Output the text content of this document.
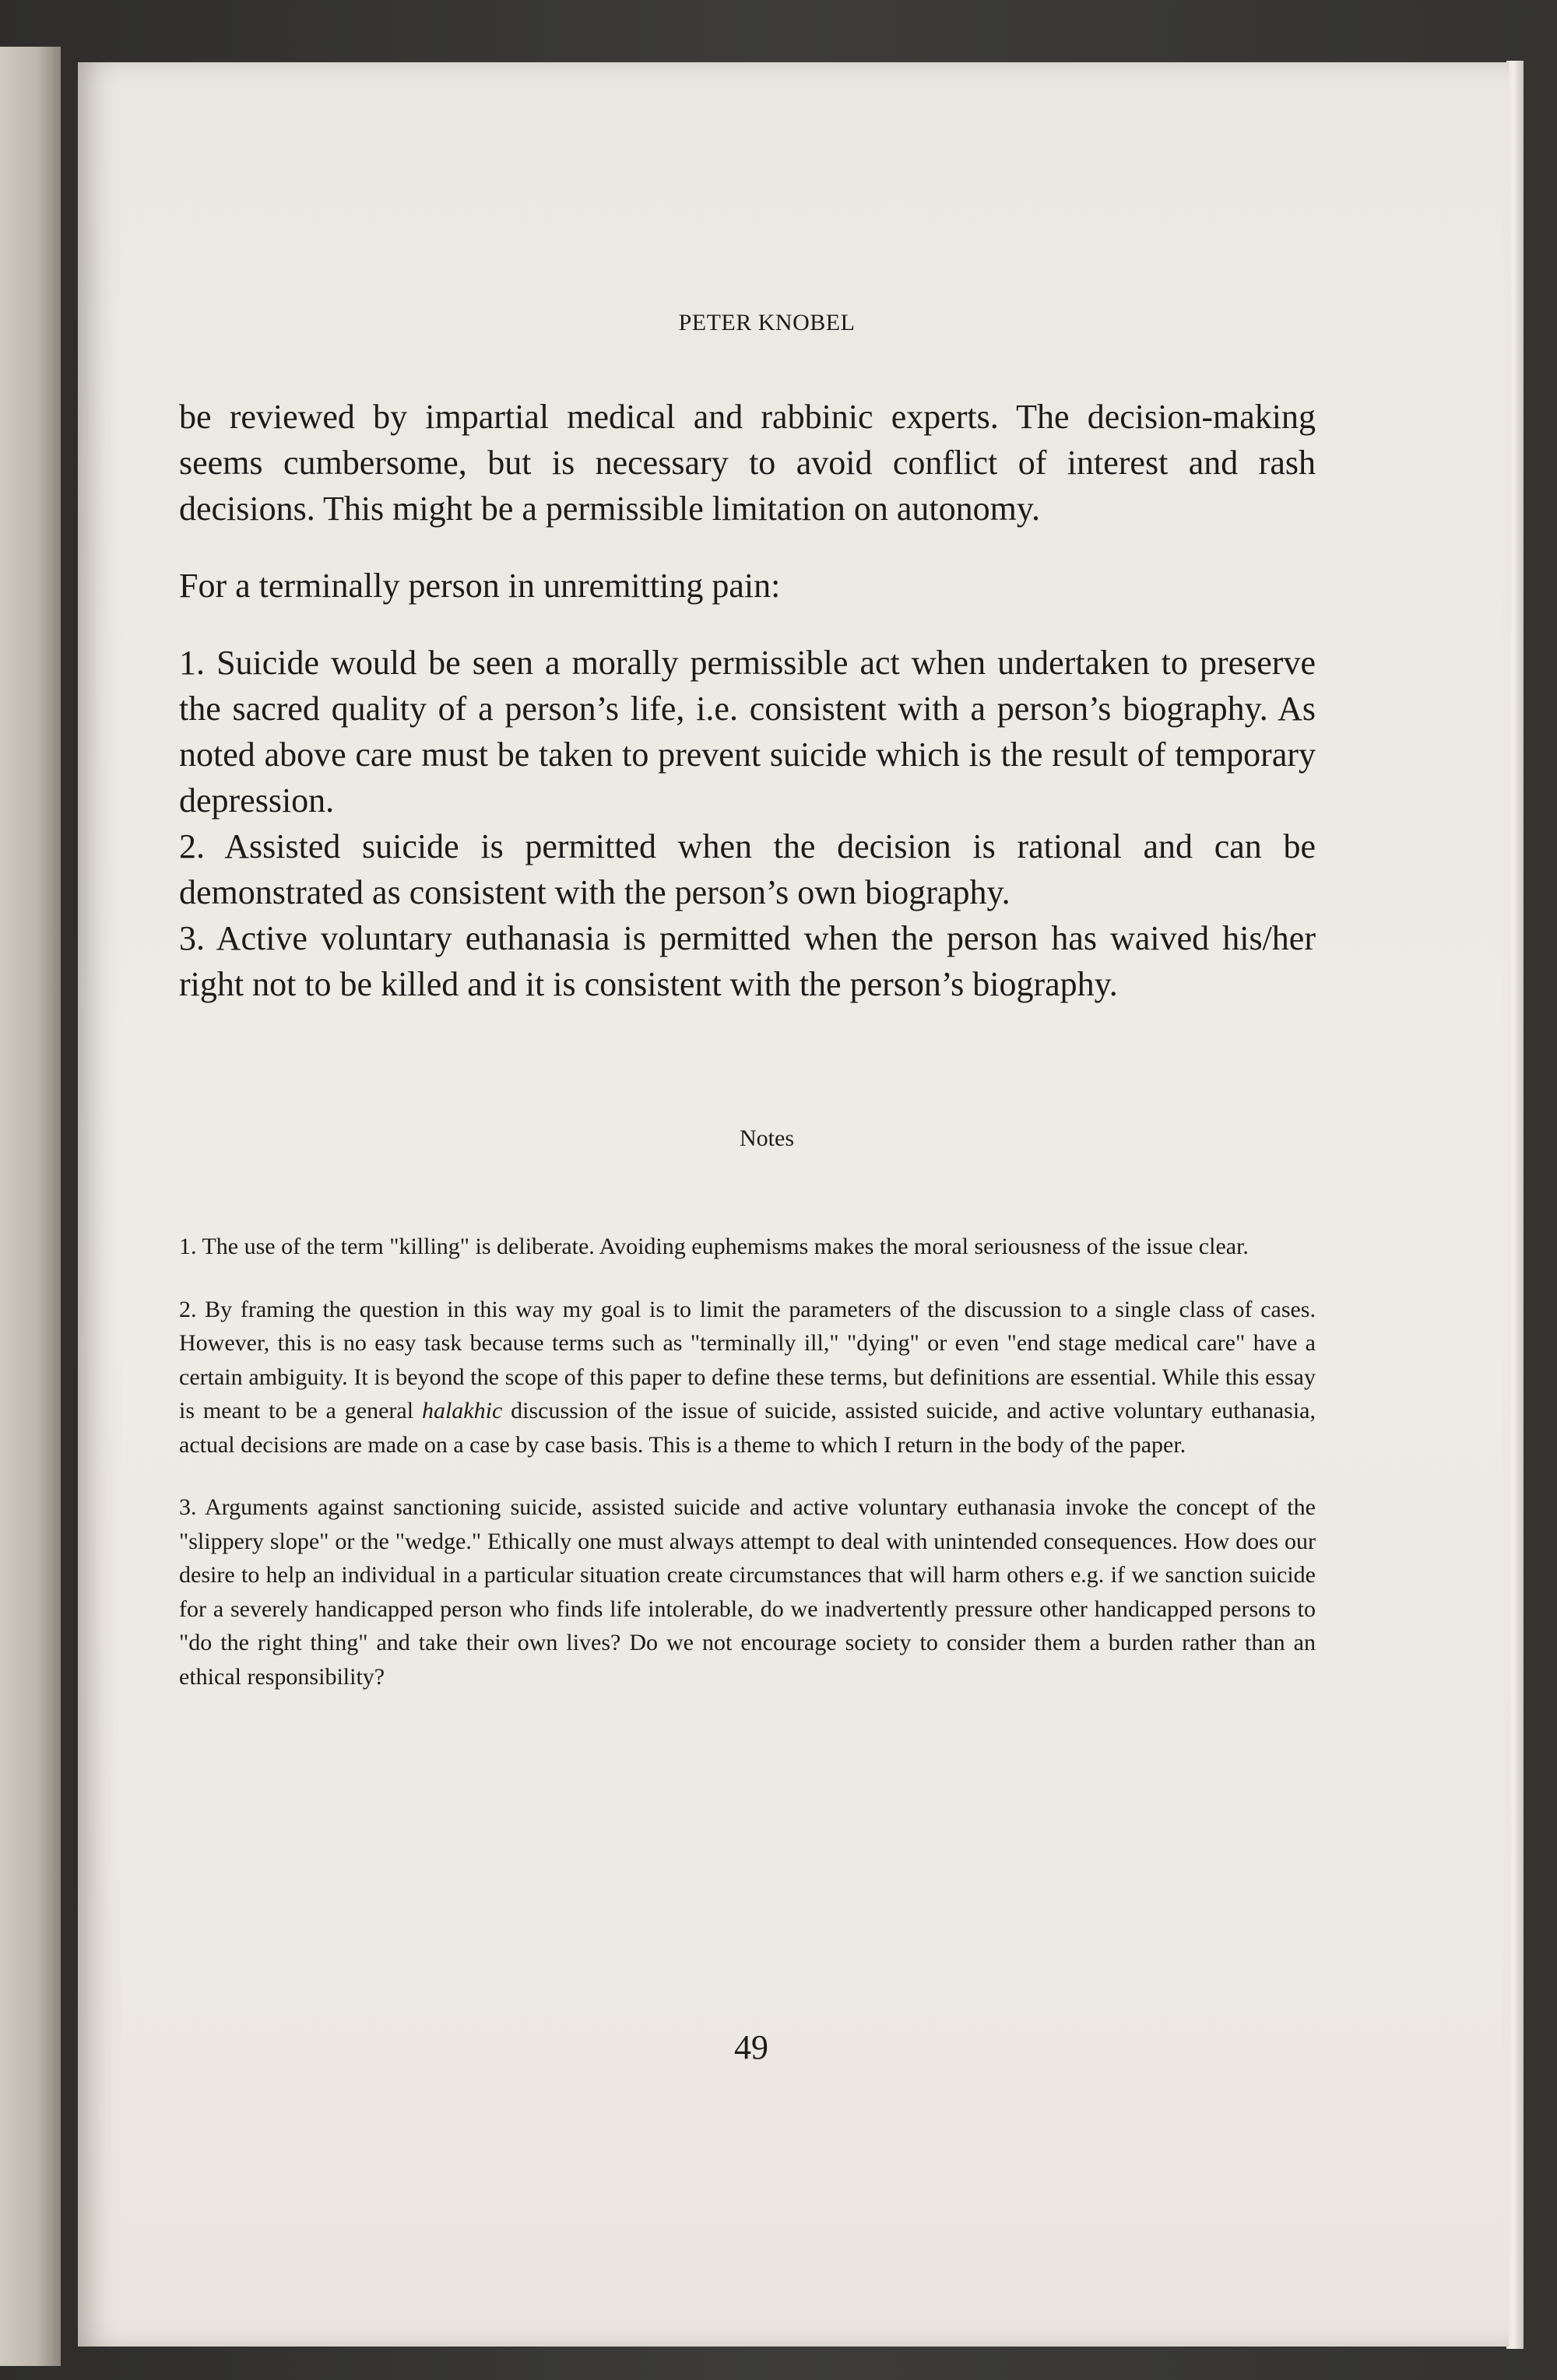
PETER KNOBEL

be reviewed by impartial medical and rabbinic experts. The decision-making seems cumbersome, but is necessary to avoid conflict of interest and rash decisions. This might be a permissible limitation on autonomy.

For a terminally person in unremitting pain:

1. Suicide would be seen a morally permissible act when undertaken to preserve the sacred quality of a person’s life, i.e. consistent with a person’s biography. As noted above care must be taken to prevent suicide which is the result of temporary depression.

2. Assisted suicide is permitted when the decision is rational and can be demonstrated as consistent with the person’s own biography.

3. Active voluntary euthanasia is permitted when the person has waived his/her right not to be killed and it is consistent with the person’s biography.

Notes

1. The use of the term "killing" is deliberate. Avoiding euphemisms makes the moral seriousness of the issue clear.

2. By framing the question in this way my goal is to limit the parameters of the discussion to a single class of cases. However, this is no easy task because terms such as "terminally ill," "dying" or even "end stage medical care" have a certain ambiguity. It is beyond the scope of this paper to define these terms, but definitions are essential. While this essay is meant to be a general halakhic discussion of the issue of suicide, assisted suicide, and active voluntary euthanasia, actual decisions are made on a case by case basis. This is a theme to which I return in the body of the paper.

3. Arguments against sanctioning suicide, assisted suicide and active voluntary euthanasia invoke the concept of the "slippery slope" or the "wedge." Ethically one must always attempt to deal with unintended consequences. How does our desire to help an individual in a particular situation create circumstances that will harm others e.g. if we sanction suicide for a severely handicapped person who finds life intolerable, do we inadvertently pressure other handicapped persons to "do the right thing" and take their own lives? Do we not encourage society to consider them a burden rather than an ethical responsibility?

49
